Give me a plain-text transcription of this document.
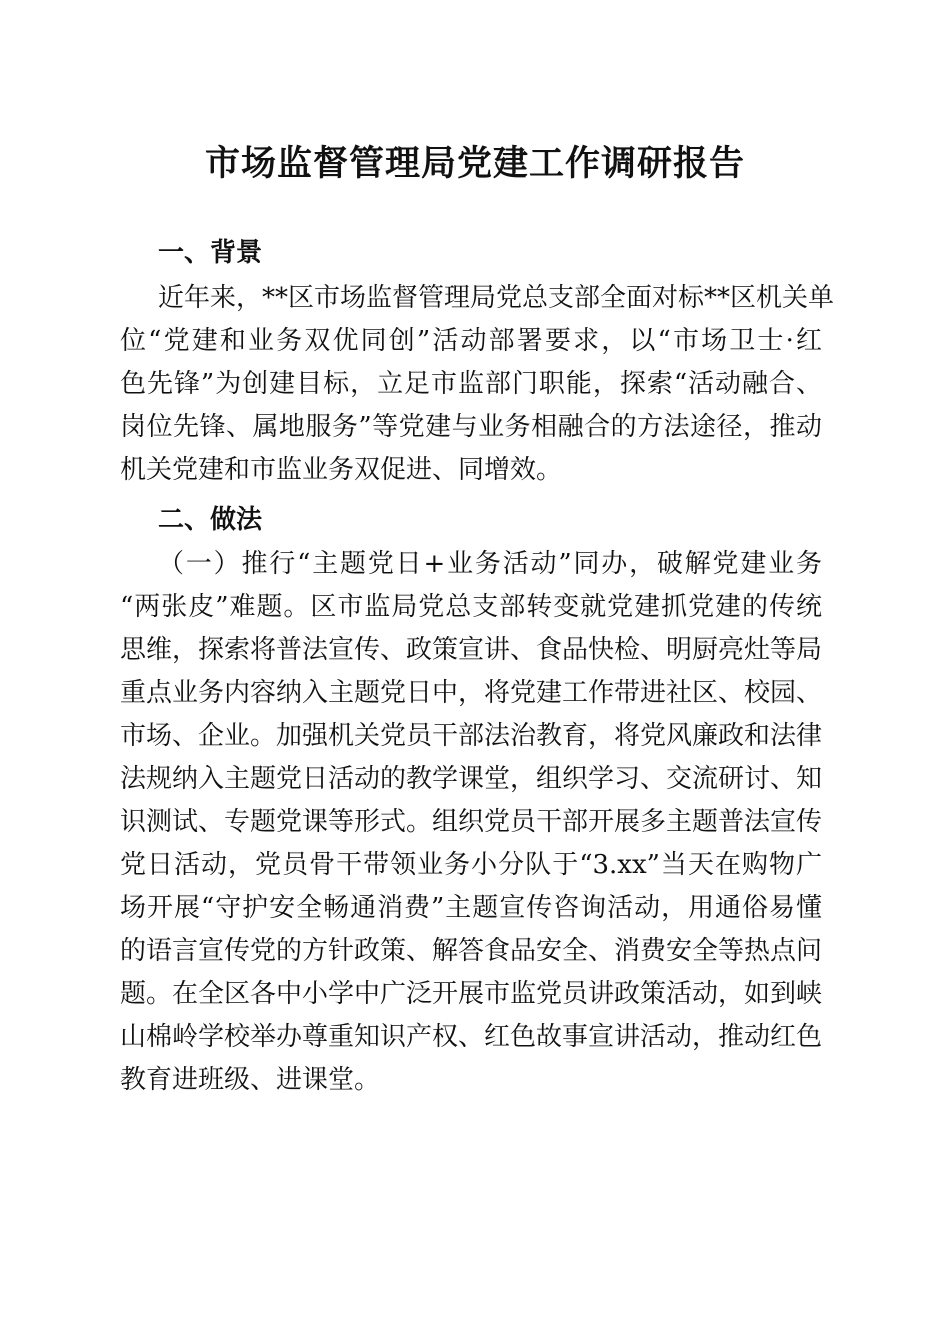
市场监督管理局党建工作调研报告
一、背景
近年来，**区市场监督管理局党总支部全面对标**区机关单
位“党建和业务双优同创”活动部署要求，以“市场卫士·红
色先锋”为创建目标，立足市监部门职能，探索“活动融合、
岗位先锋、属地服务”等党建与业务相融合的方法途径，推动
机关党建和市监业务双促进、同增效。
二、做法
（一）推行“主题党日+业务活动”同办，破解党建业务
“两张皮”难题。区市监局党总支部转变就党建抓党建的传统
思维，探索将普法宣传、政策宣讲、食品快检、明厨亮灶等局
重点业务内容纳入主题党日中，将党建工作带进社区、校园、
市场、企业。加强机关党员干部法治教育，将党风廉政和法律
法规纳入主题党日活动的教学课堂，组织学习、交流研讨、知
识测试、专题党课等形式。组织党员干部开展多主题普法宣传
党日活动，党员骨干带领业务小分队于“3.xx”当天在购物广
场开展“守护安全畅通消费”主题宣传咨询活动，用通俗易懂
的语言宣传党的方针政策、解答食品安全、消费安全等热点问
题。在全区各中小学中广泛开展市监党员讲政策活动，如到峡
山棉岭学校举办尊重知识产权、红色故事宣讲活动，推动红色
教育进班级、进课堂。
